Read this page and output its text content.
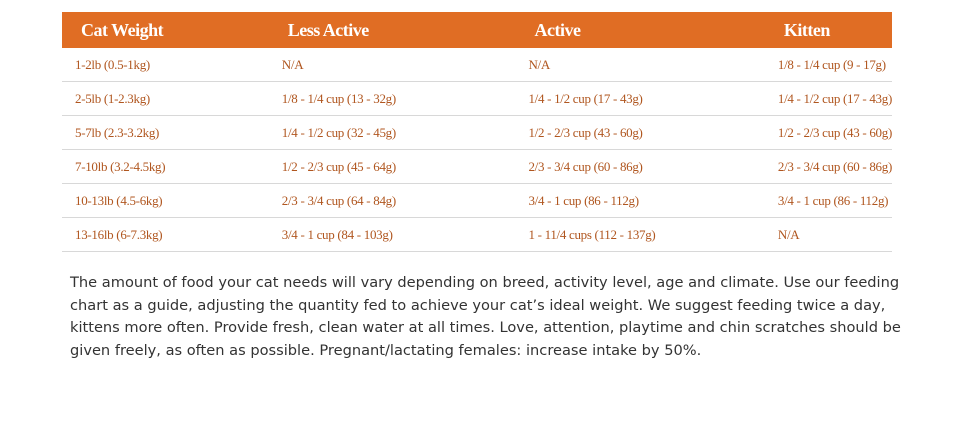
Cat Weight	Less Active	Active	Kitten
1-2lb (0.5-1kg)	N/A	N/A	1/8 - 1/4 cup (9 - 17g)
2-5lb (1-2.3kg)	1/8 - 1/4 cup (13 - 32g)	1/4 - 1/2 cup (17 - 43g)	1/4 - 1/2 cup (17 - 43g)
5-7lb (2.3-3.2kg)	1/4 - 1/2 cup (32 - 45g)	1/2 - 2/3 cup (43 - 60g)	1/2 - 2/3 cup (43 - 60g)
7-10lb (3.2-4.5kg)	1/2 - 2/3 cup (45 - 64g)	2/3 - 3/4 cup (60 - 86g)	2/3 - 3/4 cup (60 - 86g)
10-13lb (4.5-6kg)	2/3 - 3/4 cup (64 - 84g)	3/4 - 1 cup (86 - 112g)	3/4 - 1 cup (86 - 112g)
13-16lb (6-7.3kg)	3/4 - 1 cup (84 - 103g)	1 - 11/4 cups (112 - 137g)	N/A

The amount of food your cat needs will vary depending on breed, activity level, age and climate. Use our feeding chart as a guide, adjusting the quantity fed to achieve your cat’s ideal weight. We suggest feeding twice a day, kittens more often. Provide fresh, clean water at all times. Love, attention, playtime and chin scratches should be given freely, as often as possible. Pregnant/lactating females: increase intake by 50%.
